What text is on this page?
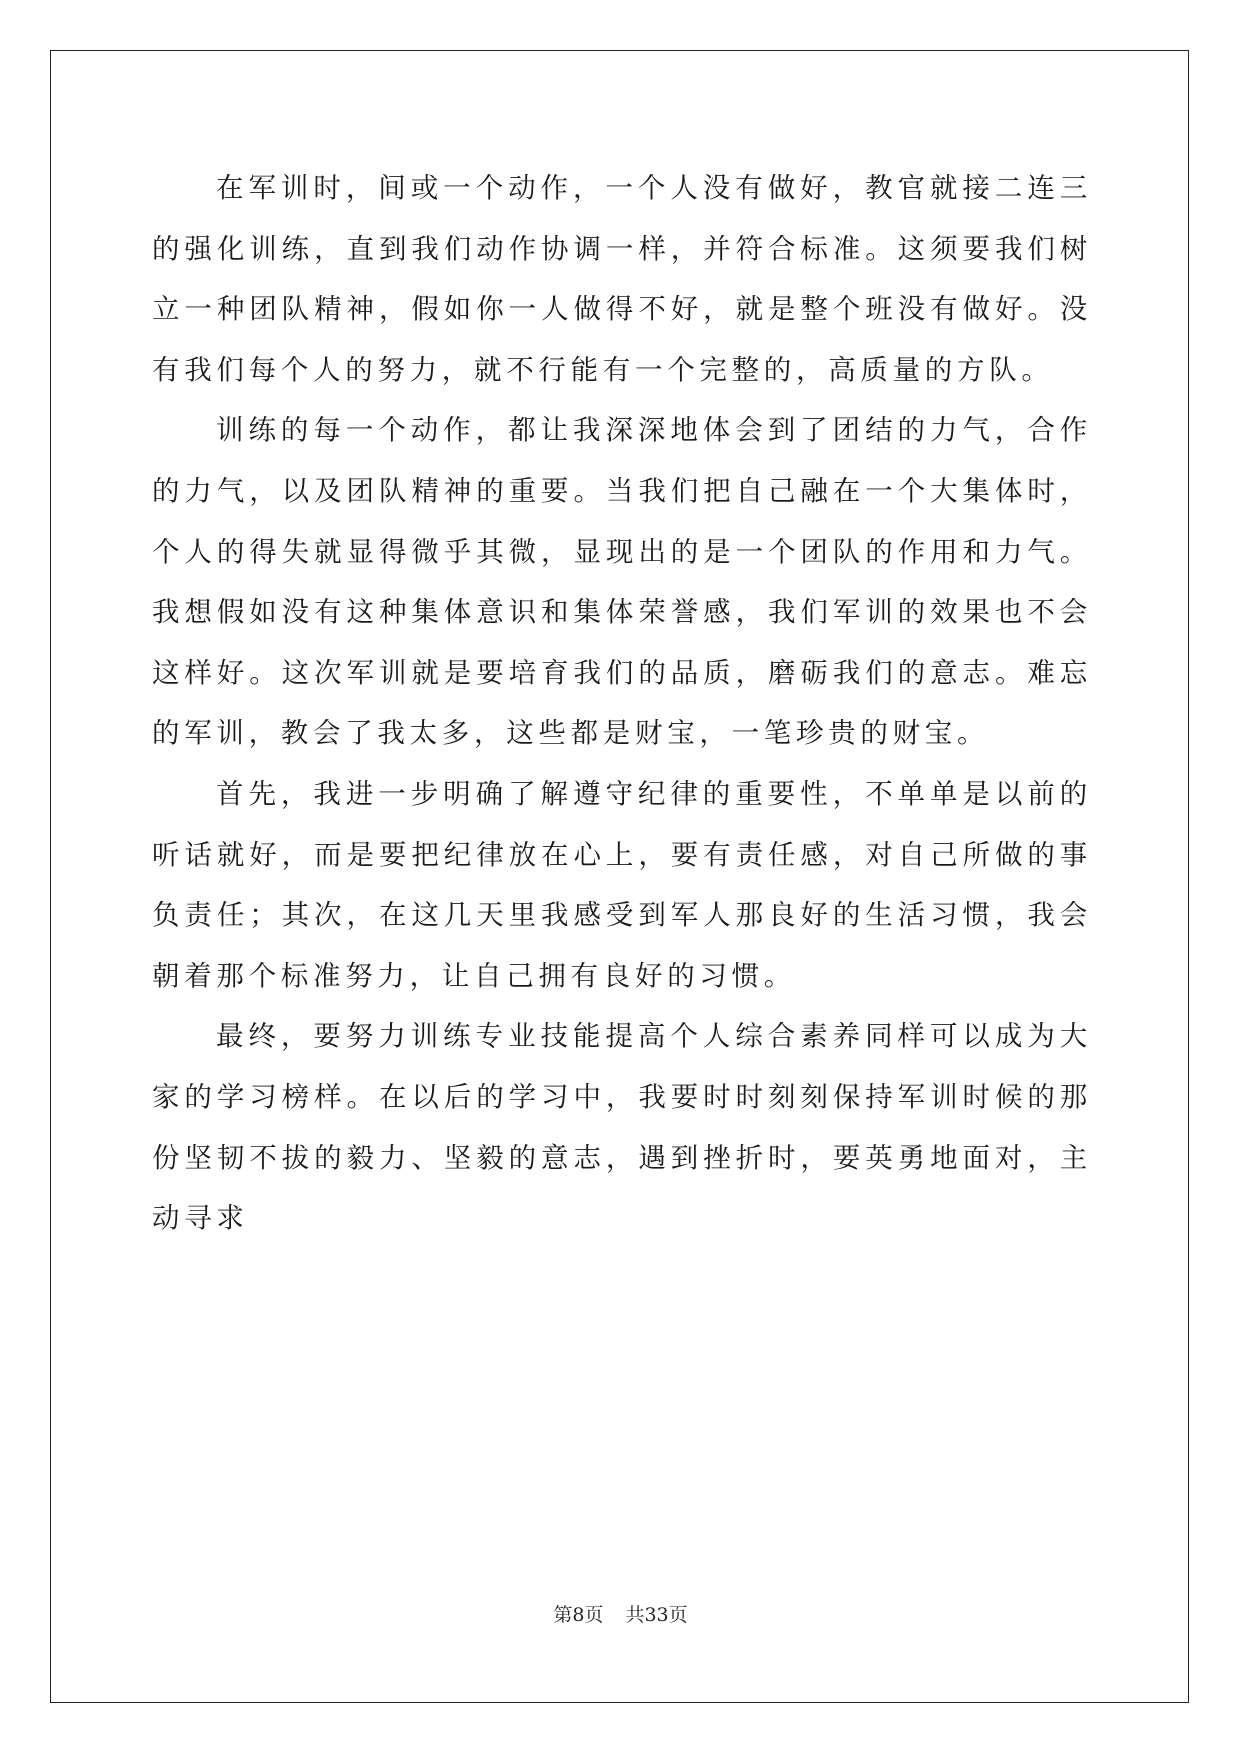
在军训时，间或一个动作，一个人没有做好，教官就接二连三的强化训练，直到我们动作协调一样，并符合标准。这须要我们树立一种团队精神，假如你一人做得不好，就是整个班没有做好。没有我们每个人的努力，就不行能有一个完整的，高质量的方队。

训练的每一个动作，都让我深深地体会到了团结的力气，合作的力气，以及团队精神的重要。当我们把自己融在一个大集体时，个人的得失就显得微乎其微，显现出的是一个团队的作用和力气。我想假如没有这种集体意识和集体荣誉感，我们军训的效果也不会这样好。这次军训就是要培育我们的品质，磨砺我们的意志。难忘的军训，教会了我太多，这些都是财宝，一笔珍贵的财宝。

首先，我进一步明确了解遵守纪律的重要性，不单单是以前的听话就好，而是要把纪律放在心上，要有责任感，对自己所做的事负责任；其次，在这几天里我感受到军人那良好的生活习惯，我会朝着那个标准努力，让自己拥有良好的习惯。

最终，要努力训练专业技能提高个人综合素养同样可以成为大家的学习榜样。在以后的学习中，我要时时刻刻保持军训时候的那份坚韧不拔的毅力、坚毅的意志，遇到挫折时，要英勇地面对，主动寻求

第8页 共33页
